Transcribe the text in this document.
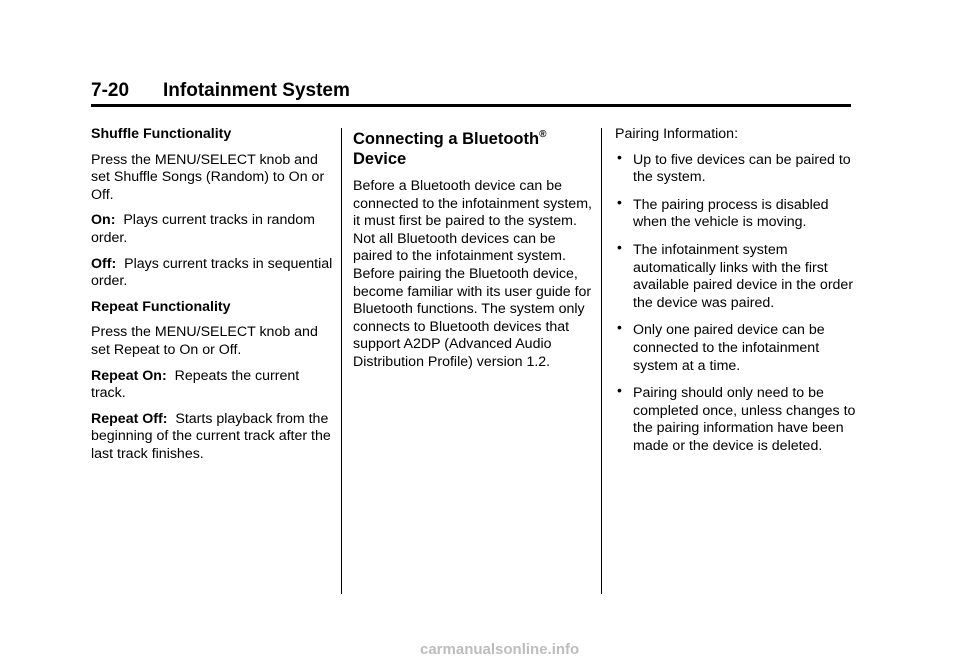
7-20 Infotainment System

Shuffle Functionality

Press the MENU/SELECT knob and set Shuffle Songs (Random) to On or Off.

On: Plays current tracks in random order.

Off: Plays current tracks in sequential order.

Repeat Functionality

Press the MENU/SELECT knob and set Repeat to On or Off.

Repeat On: Repeats the current track.

Repeat Off: Starts playback from the beginning of the current track after the last track finishes.

Connecting a Bluetooth®
Device

Before a Bluetooth device can be connected to the infotainment system, it must first be paired to the system. Not all Bluetooth devices can be paired to the infotainment system. Before pairing the Bluetooth device, become familiar with its user guide for Bluetooth functions. The system only connects to Bluetooth devices that support A2DP (Advanced Audio Distribution Profile) version 1.2.

Pairing Information:

• Up to five devices can be paired to the system.
• The pairing process is disabled when the vehicle is moving.
• The infotainment system automatically links with the first available paired device in the order the device was paired.
• Only one paired device can be connected to the infotainment system at a time.
• Pairing should only need to be completed once, unless changes to the pairing information have been made or the device is deleted.
carmanualsonline.info
